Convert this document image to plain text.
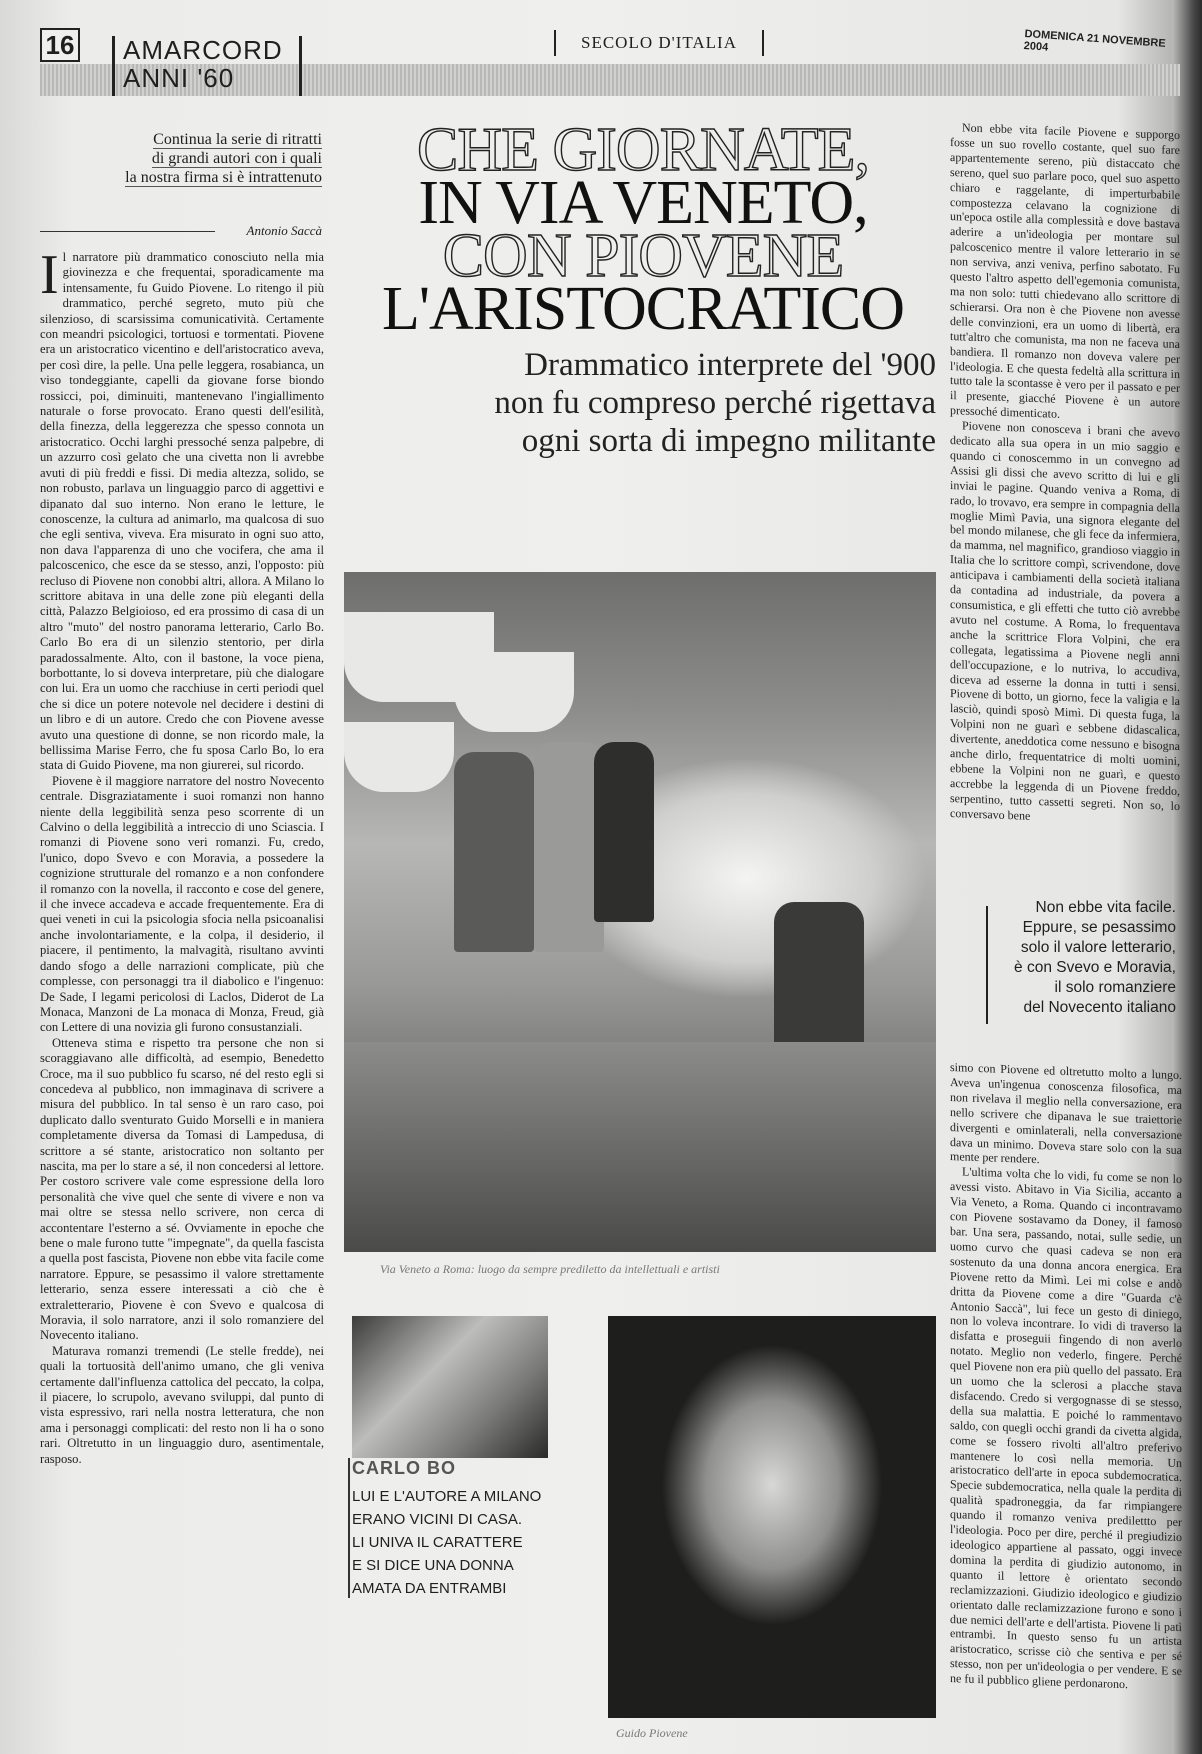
16 AMARCORD
ANNI '60
SECOLO D'ITALIA	DOMENICA 21 NOVEMBRE 2004
Continua la serie di ritratti
di grandi autori con i quali
la nostra firma si è intrattenuto
Antonio Saccà

Il narratore più drammatico conosciuto nella mia giovinezza e che frequentai, sporadicamente ma intensamente, fu Guido Piovene. Lo ritengo il più drammatico, perché segreto, muto più che silenzioso, di scarsissima comunicatività. Certamente con meandri psicologici, tortuosi e tormentati. Piovene era un aristocratico vicentino e dell'aristocratico aveva, per così dire, la pelle. Una pelle leggera, rosabianca, un viso tondeggiante, capelli da giovane forse biondo rossicci, poi, diminuiti, mantenevano l'ingiallimento naturale o forse provocato. Erano questi dell'esilità, della finezza, della leggerezza che spesso connota un aristocratico. Occhi larghi pressoché senza palpebre, di un azzurro così gelato che una civetta non li avrebbe avuti di più freddi e fissi. Di media altezza, solido, se non robusto, parlava un linguaggio parco di aggettivi e dipanato dal suo interno. Non erano le letture, le conoscenze, la cultura ad animarlo, ma qualcosa di suo che egli sentiva, viveva. Era misurato in ogni suo atto, non dava l'apparenza di uno che vocifera, che ama il palcoscenico, che esce da se stesso, anzi, l'opposto: più recluso di Piovene non conobbi altri, allora. A Milano lo scrittore abitava in una delle zone più eleganti della città, Palazzo Belgioioso, ed era prossimo di casa di un altro "muto" del nostro panorama letterario, Carlo Bo. Carlo Bo era di un silenzio stentorio, per dirla paradossalmente. Alto, con il bastone, la voce piena, borbottante, lo si doveva interpretare, più che dialogare con lui. Era un uomo che racchiuse in certi periodi quel che si dice un potere notevole nel decidere i destini di un libro e di un autore. Credo che con Piovene avesse avuto una questione di donne, se non ricordo male, la bellissima Marise Ferro, che fu sposa Carlo Bo, lo era stata di Guido Piovene, ma non giurerei, sul ricordo.

Piovene è il maggiore narratore del nostro Novecento centrale. Disgraziatamente i suoi romanzi non hanno niente della leggibilità senza peso scorrente di un Calvino o della leggibilità a intreccio di uno Sciascia. I romanzi di Piovene sono veri romanzi. Fu, credo, l'unico, dopo Svevo e con Moravia, a possedere la cognizione strutturale del romanzo e a non confondere il romanzo con la novella, il racconto e cose del genere, il che invece accadeva e accade frequentemente. Era di quei veneti in cui la psicologia sfocia nella psicoanalisi anche involontariamente, e la colpa, il desiderio, il piacere, il pentimento, la malvagità, risultano avvinti dando sfogo a delle narrazioni complicate, più che complesse, con personaggi tra il diabolico e l'ingenuo: De Sade, I legami pericolosi di Laclos, Diderot de La Monaca, Manzoni de La monaca di Monza, Freud, già con Lettere di una novizia gli furono consustanziali.

Otteneva stima e rispetto tra persone che non si scoraggiavano alle difficoltà, ad esempio, Benedetto Croce, ma il suo pubblico fu scarso, né del resto egli si concedeva al pubblico, non immaginava di scrivere a misura del pubblico. In tal senso è un raro caso, poi duplicato dallo sventurato Guido Morselli e in maniera completamente diversa da Tomasi di Lampedusa, di scrittore a sé stante, aristocratico non soltanto per nascita, ma per lo stare a sé, il non concedersi al lettore. Per costoro scrivere vale come espressione della loro personalità che vive quel che sente di vivere e non va mai oltre se stessa nello scrivere, non cerca di accontentare l'esterno a sé. Ovviamente in epoche che bene o male furono tutte "impegnate", da quella fascista a quella post fascista, Piovene non ebbe vita facile come narratore. Eppure, se pesassimo il valore strettamente letterario, senza essere interessati a ciò che è extraletterario, Piovene è con Svevo e qualcosa di Moravia, il solo narratore, anzi il solo romanziere del Novecento italiano.

Maturava romanzi tremendi (Le stelle fredde), nei quali la tortuosità dell'animo umano, che gli veniva certamente dall'influenza cattolica del peccato, la colpa, il piacere, lo scrupolo, avevano sviluppi, dal punto di vista espressivo, rari nella nostra letteratura, che non ama i personaggi complicati: del resto non li ha o sono rari. Oltretutto in un linguaggio duro, asentimentale, rasposo.

CHE GIORNATE,
IN VIA VENETO,
CON PIOVENE
L'ARISTOCRATICO
Drammatico interprete del '900
non fu compreso perché rigettava
ogni sorta di impegno militante
Via Veneto a Roma: luogo da sempre prediletto da intellettuali e artisti
CARLO BO
LUI E L'AUTORE A MILANO
ERANO VICINI DI CASA.
LI UNIVA IL CARATTERE
E SI DICE UNA DONNA
AMATA DA ENTRAMBI
Guido Piovene

Non ebbe vita facile Piovene e supporgo fosse un suo rovello costante, quel suo fare appartentemente sereno, più distaccato che sereno, quel suo parlare poco, quel suo aspetto chiaro e raggelante, di imperturbabile compostezza celavano la cognizione di un'epoca ostile alla complessità e dove bastava aderire a un'ideologia per montare sul palcoscenico mentre il valore letterario in se non serviva, anzi veniva, perfino sabotato. Fu questo l'altro aspetto dell'egemonia comunista, ma non solo: tutti chiedevano allo scrittore di schierarsi. Ora non è che Piovene non avesse delle convinzioni, era un uomo di libertà, era tutt'altro che comunista, ma non ne faceva una bandiera. Il romanzo non doveva valere per l'ideologia. E che questa fedeltà alla scrittura in tutto tale la scontasse è vero per il passato e per il presente, giacché Piovene è un autore pressoché dimenticato.

Piovene non conosceva i brani che avevo dedicato alla sua opera in un mio saggio e quando ci conoscemmo in un convegno ad Assisi gli dissi che avevo scritto di lui e gli inviai le pagine. Quando veniva a Roma, di rado, lo trovavo, era sempre in compagnia della moglie Mimì Pavia, una signora elegante del bel mondo milanese, che gli fece da infermiera, da mamma, nel magnifico, grandioso viaggio in Italia che lo scrittore compì, scrivendone, dove anticipava i cambiamenti della società italiana da contadina ad industriale, da povera a consumistica, e gli effetti che tutto ciò avrebbe avuto nel costume. A Roma, lo frequentava anche la scrittrice Flora Volpini, che era collegata, legatissima a Piovene negli anni dell'occupazione, e lo nutriva, lo accudiva, diceva ad esserne la donna in tutti i sensi. Piovene di botto, un giorno, fece la valigia e la lasciò, quindi sposò Mimì. Di questa fuga, la Volpini non ne guarì e sebbene didascalica, divertente, aneddotica come nessuno e bisogna anche dirlo, frequentatrice di molti uomini, ebbene la Volpini non ne guarì, e questo accrebbe la leggenda di un Piovene freddo, serpentino, tutto cassetti segreti. Non so, lo conversavo bene

Non ebbe vita facile.
Eppure, se pesassimo
solo il valore letterario,
è con Svevo e Moravia,
il solo romanziere
del Novecento italiano

simo con Piovene ed oltretutto molto a lungo. Aveva un'ingenua conoscenza filosofica, ma non rivelava il meglio nella conversazione, era nello scrivere che dipanava le sue traiettorie divergenti e ominlaterali, nella conversazione dava un minimo. Doveva stare solo con la sua mente per rendere.

L'ultima volta che lo vidi, fu come se non lo avessi visto. Abitavo in Via Sicilia, accanto a Via Veneto, a Roma. Quando ci incontravamo con Piovene sostavamo da Doney, il famoso bar. Una sera, passando, notai, sulle sedie, un uomo curvo che quasi cadeva se non era sostenuto da una donna ancora energica. Era Piovene retto da Mimì. Lei mi colse e andò dritta da Piovene come a dire "Guarda c'è Antonio Saccà", lui fece un gesto di diniego, non lo voleva incontrare. Io vidi di traverso la disfatta e proseguii fingendo di non averlo notato. Meglio non vederlo, fingere. Perché quel Piovene non era più quello del passato. Era un uomo che la sclerosi a placche stava disfacendo. Credo si vergognasse di se stesso, della sua malattia. E poiché lo rammentavo saldo, con quegli occhi grandi da civetta algida, come se fossero rivolti all'altro preferivo mantenere lo così nella memoria. Un aristocratico dell'arte in epoca subdemocratica. Specie subdemocratica, nella quale la perdita di qualità spadroneggia, da far rimpiangere quando il romanzo veniva predilettto per l'ideologia. Poco per dire, perché il pregiudizio ideologico appartiene al passato, oggi invece domina la perdita di giudizio autonomo, in quanto il lettore è orientato secondo reclamizzazioni. Giudizio ideologico e giudizio orientato dalle reclamizzazione furono e sono i due nemici dell'arte e dell'artista. Piovene li patì entrambi. In questo senso fu un artista aristocratico, scrisse ciò che sentiva e per sé stesso, non per un'ideologia o per vendere. E se ne fu il pubblico gliene perdonarono.
